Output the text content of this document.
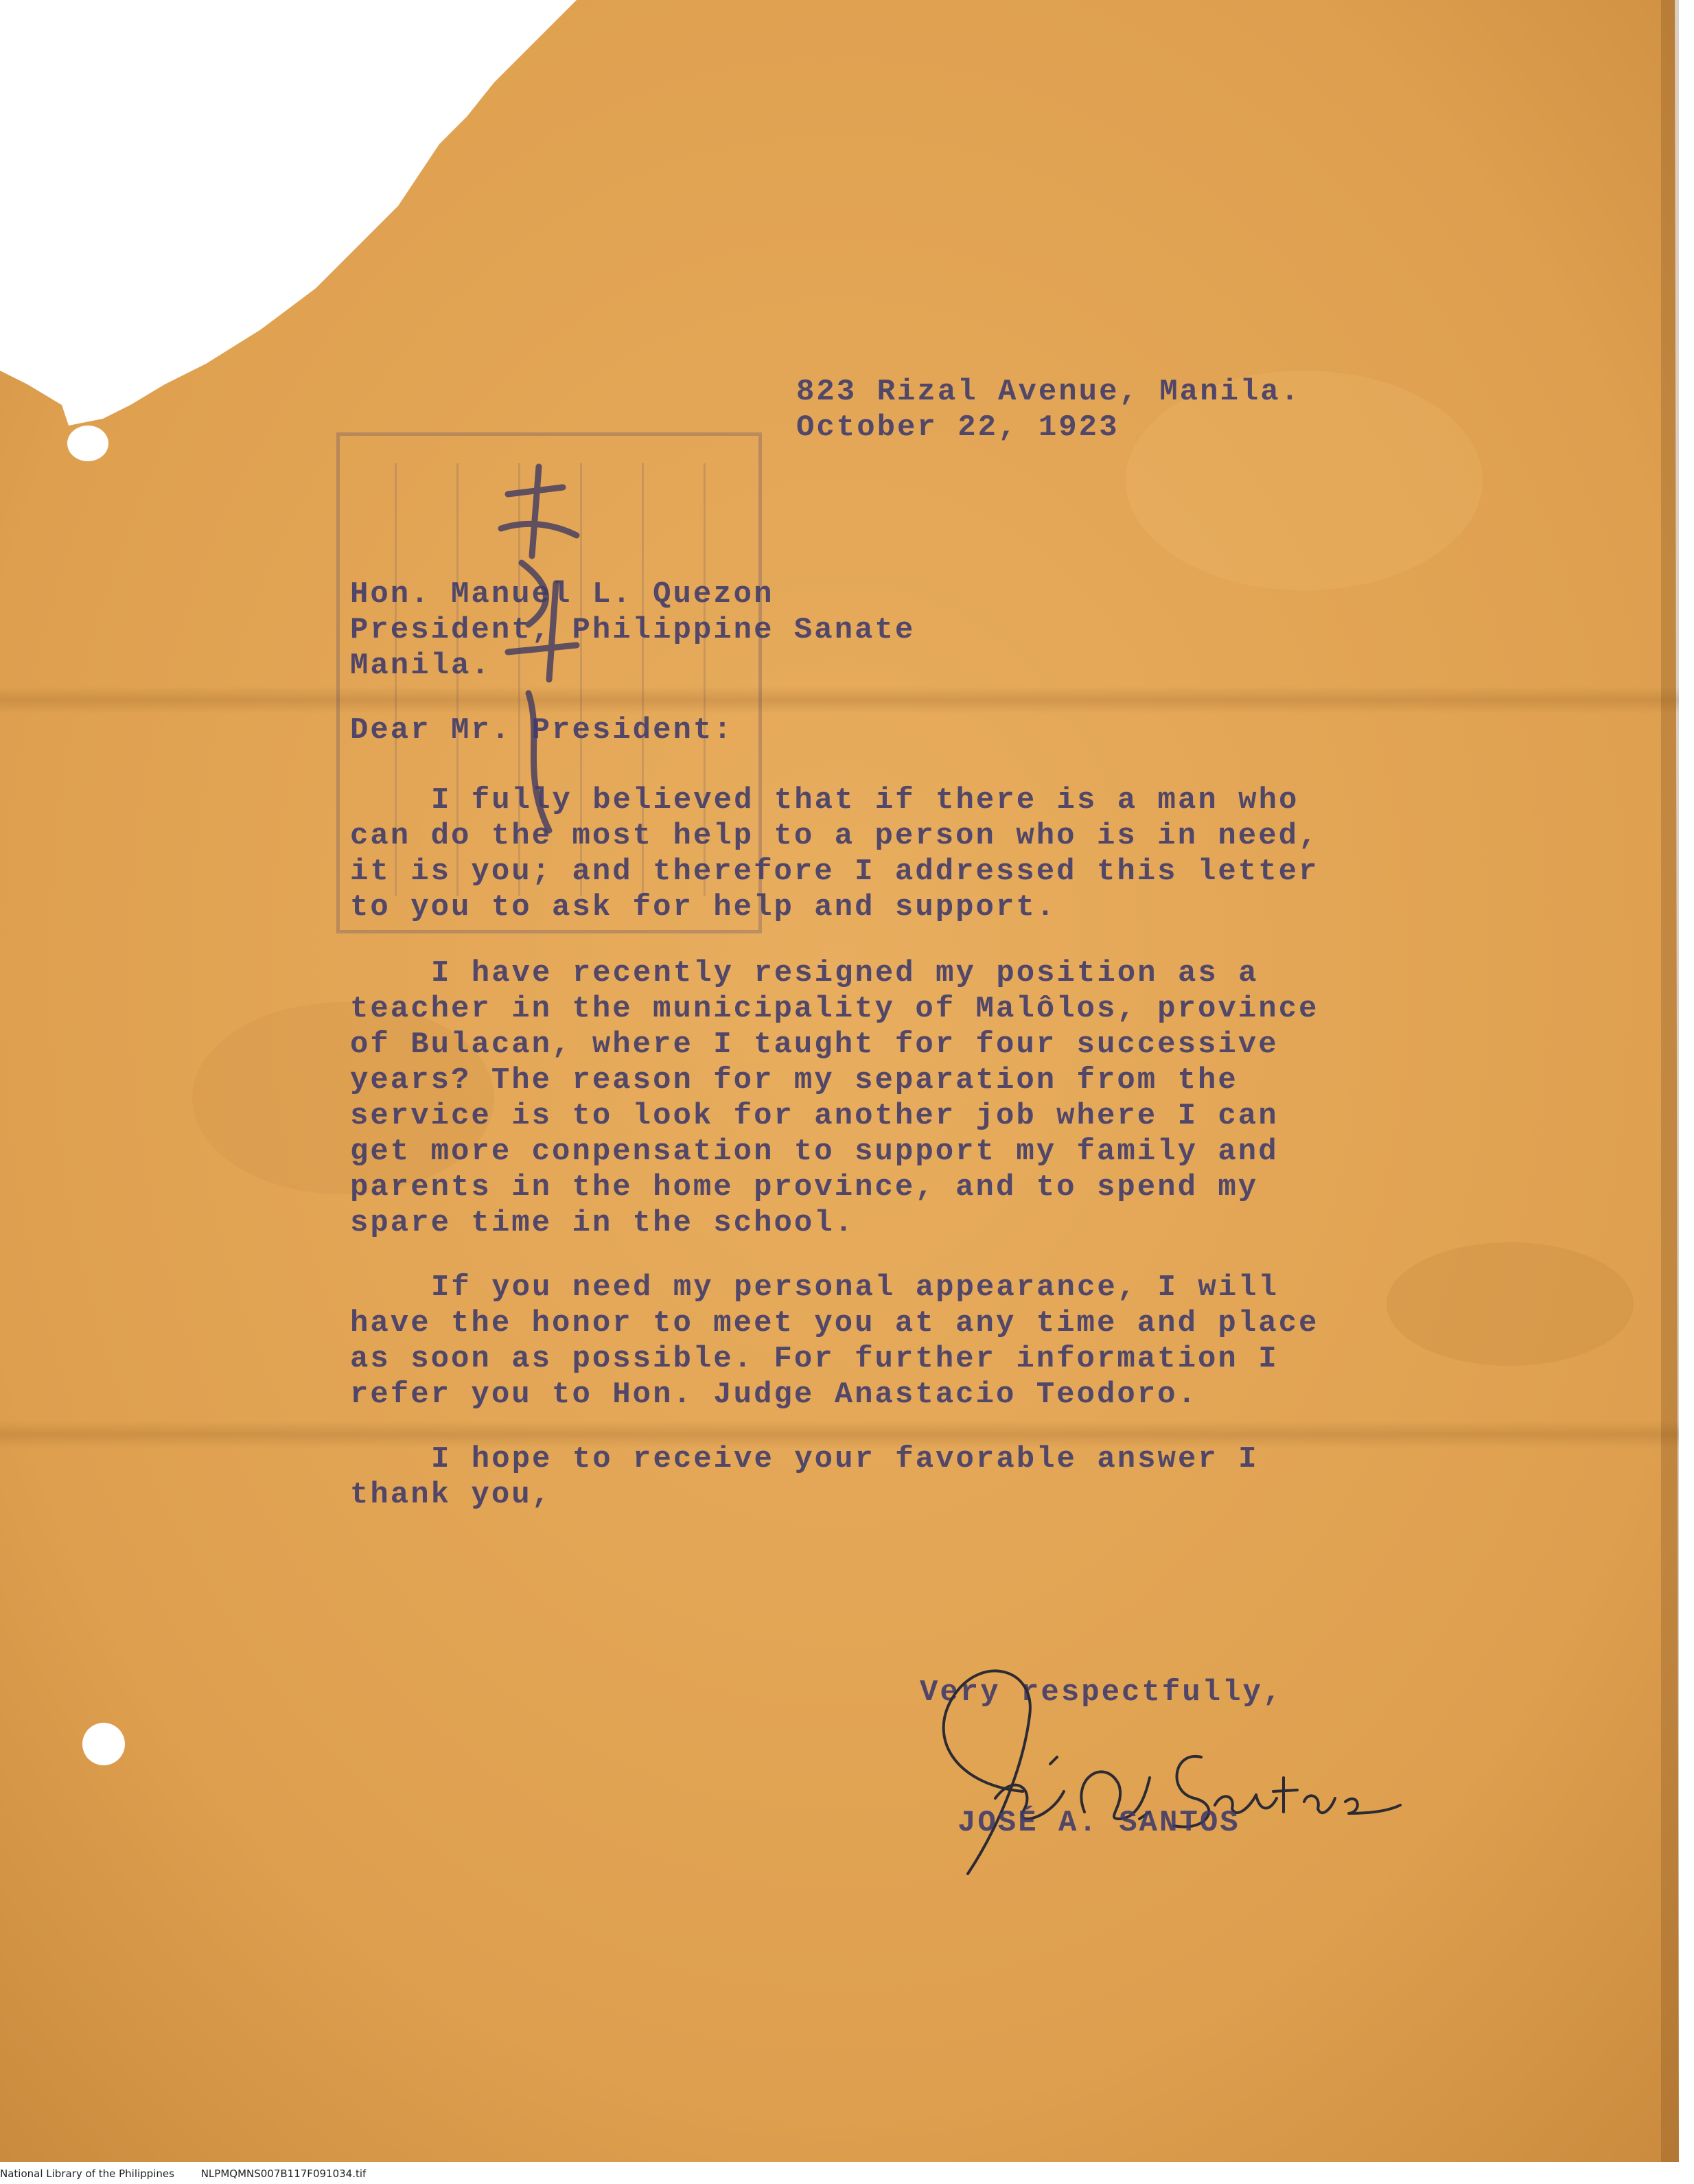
823 Rizal Avenue, Manila.
October 22, 1923
Hon. Manuel L. Quezon
President, Philippine Sanate
Manila.
Dear Mr. President:
I fully believed that if there is a man who
can do the most help to a person who is in need,
it is you; and therefore I addressed this letter
to you to ask for help and support.
I have recently resigned my position as a
teacher in the municipality of Malôlos, province
of Bulacan, where I taught for four successive
years? The reason for my separation from the
service is to look for another job where I can
get more conpensation to support my family and
parents in the home province, and to spend my
spare time in the school.
If you need my personal appearance, I will
have the honor to meet you at any time and place
as soon as possible. For further information I
refer you to Hon. Judge Anastacio Teodoro.
I hope to receive your favorable answer I
thank you,
Very respectfully,
JOSÉ A. SANTOS
National Library of the Philippines	NLPMQMNS007B117F091034.tif
